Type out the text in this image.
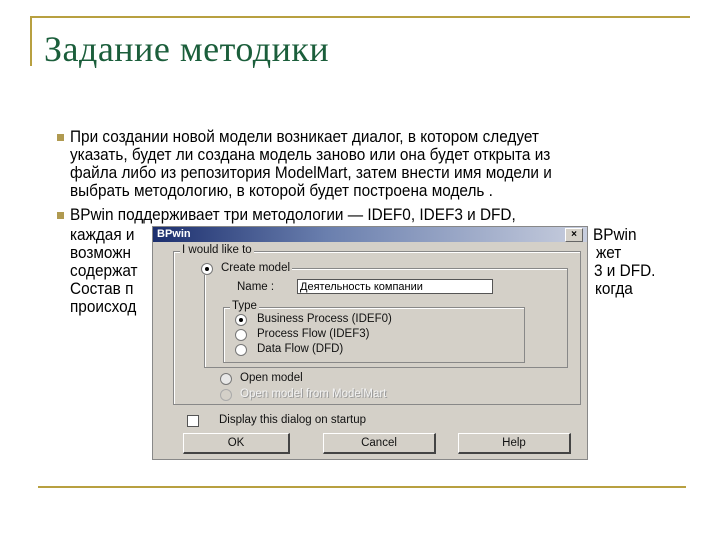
Задание методики
При создании новой модели возникает диалог, в котором следует
указать, будет ли создана модель заново или она будет открыта из
файла либо из репозитория ModelMart, затем внести имя модели и
выбрать методологию, в которой будет построена модель .
BPwin поддерживает три методологии — IDEF0, IDEF3 и DFD,
каждая и	BPwin
возможн	жет
содержат	3 и DFD.
Состав п	когда
происход
BPwin	×
I would like to
Create model
Name :
Деятельность компании
Type
Business Process (IDEF0)
Process Flow (IDEF3)
Data Flow (DFD)
Open model
Open model from ModelMart
Display this dialog on startup
OK	Cancel	Help
